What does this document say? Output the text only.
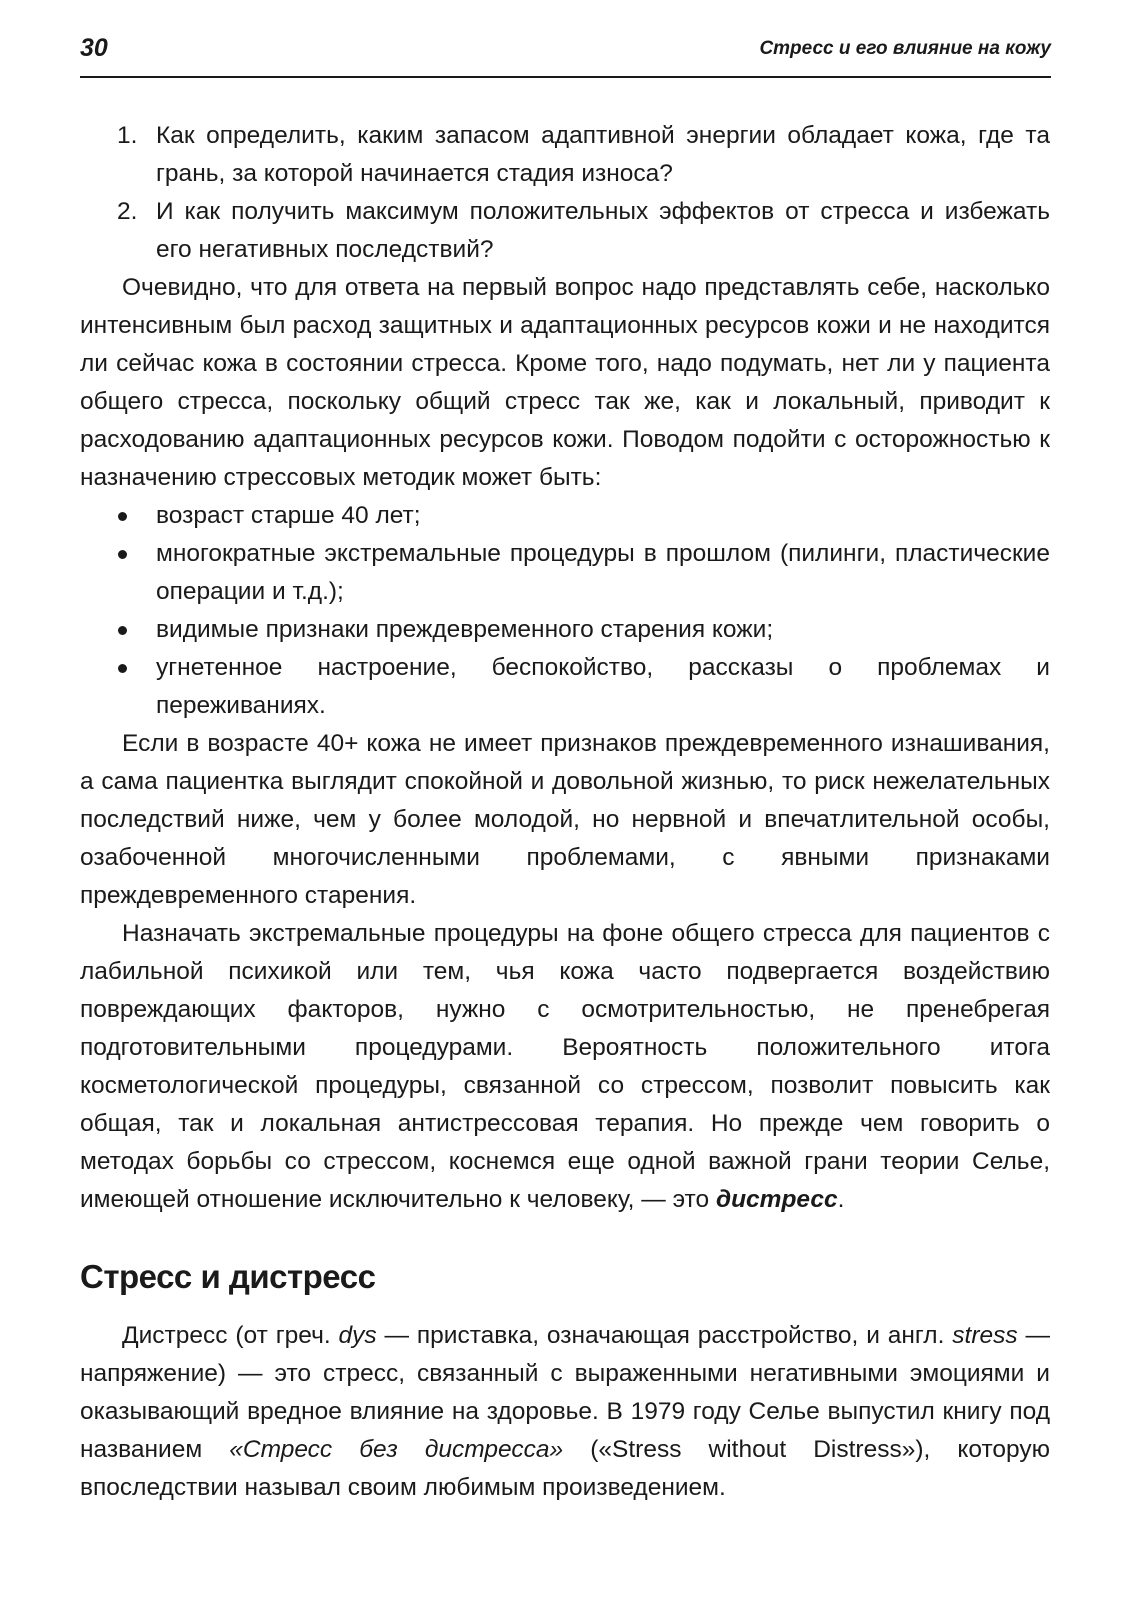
30	Стресс и его влияние на кожу
1. Как определить, каким запасом адаптивной энергии обладает кожа, где та грань, за которой начинается стадия износа?
2. И как получить максимум положительных эффектов от стресса и избежать его негативных последствий?

Очевидно, что для ответа на первый вопрос надо представлять себе, насколько интенсивным был расход защитных и адаптационных ресурсов кожи и не находится ли сейчас кожа в состоянии стресса. Кроме того, надо подумать, нет ли у пациента общего стресса, поскольку общий стресс так же, как и локальный, приводит к расходованию адаптационных ресурсов кожи. Поводом подойти с осторожностью к назначению стрессовых методик может быть:

возраст старше 40 лет;
многократные экстремальные процедуры в прошлом (пилинги, пластические операции и т.д.);
видимые признаки преждевременного старения кожи;
угнетенное настроение, беспокойство, рассказы о проблемах и переживаниях.

Если в возрасте 40+ кожа не имеет признаков преждевременного изнашивания, а сама пациентка выглядит спокойной и довольной жизнью, то риск нежелательных последствий ниже, чем у более молодой, но нервной и впечатлительной особы, озабоченной многочисленными проблемами, с явными признаками преждевременного старения.

Назначать экстремальные процедуры на фоне общего стресса для пациентов с лабильной психикой или тем, чья кожа часто подвергается воздействию повреждающих факторов, нужно с осмотрительностью, не пренебрегая подготовительными процедурами. Вероятность положительного итога косметологической процедуры, связанной со стрессом, позволит повысить как общая, так и локальная антистрессовая терапия. Но прежде чем говорить о методах борьбы со стрессом, коснемся еще одной важной грани теории Селье, имеющей отношение исключительно к человеку, — это дистресс.

Стресс и дистресс

Дистресс (от греч. dys — приставка, означающая расстройство, и англ. stress — напряжение) — это стресс, связанный с выраженными негативными эмоциями и оказывающий вредное влияние на здоровье. В 1979 году Селье выпустил книгу под названием «Стресс без дистресса» («Stress without Distress»), которую впоследствии называл своим любимым произведением.
